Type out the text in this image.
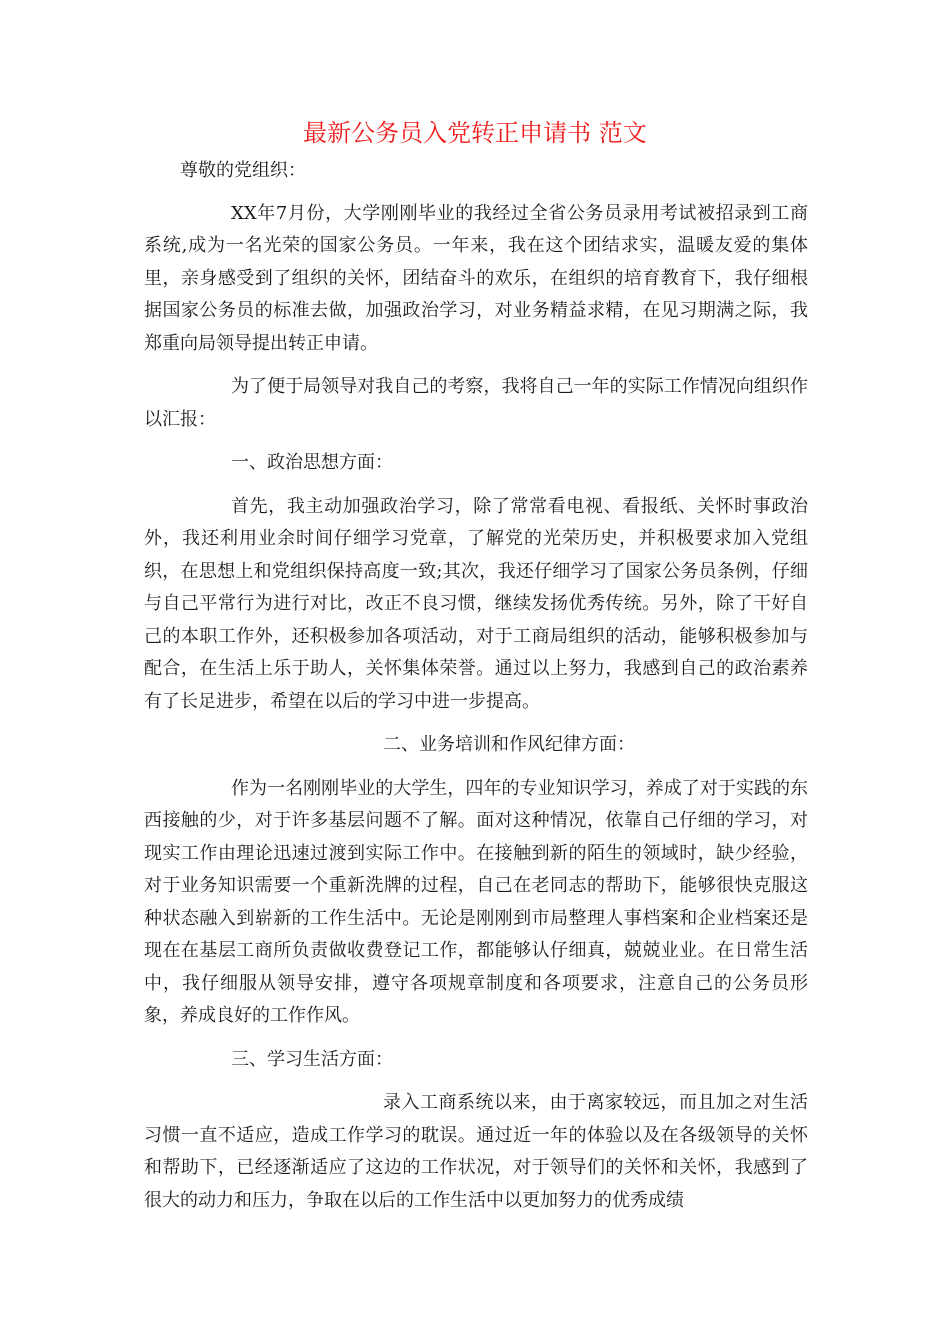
最新公务员入党转正申请书 范文

尊敬的党组织：

XX年7月份，大学刚刚毕业的我经过全省公务员录用考试被招录到工商系统,成为一名光荣的国家公务员。一年来，我在这个团结求实，温暖友爱的集体里，亲身感受到了组织的关怀，团结奋斗的欢乐，在组织的培育教育下，我仔细根据国家公务员的标准去做，加强政治学习，对业务精益求精，在见习期满之际，我郑重向局领导提出转正申请。

为了便于局领导对我自己的考察，我将自己一年的实际工作情况向组织作以汇报：

一、政治思想方面：

首先，我主动加强政治学习，除了常常看电视、看报纸、关怀时事政治外，我还利用业余时间仔细学习党章，了解党的光荣历史，并积极要求加入党组织，在思想上和党组织保持高度一致;其次，我还仔细学习了国家公务员条例，仔细与自己平常行为进行对比，改正不良习惯，继续发扬优秀传统。另外，除了干好自己的本职工作外，还积极参加各项活动，对于工商局组织的活动，能够积极参加与配合，在生活上乐于助人，关怀集体荣誉。通过以上努力，我感到自己的政治素养有了长足进步，希望在以后的学习中进一步提高。

二、业务培训和作风纪律方面：

作为一名刚刚毕业的大学生，四年的专业知识学习，养成了对于实践的东西接触的少，对于许多基层问题不了解。面对这种情况，依靠自己仔细的学习，对现实工作由理论迅速过渡到实际工作中。在接触到新的陌生的领域时，缺少经验，对于业务知识需要一个重新洗牌的过程，自己在老同志的帮助下，能够很快克服这种状态融入到崭新的工作生活中。无论是刚刚到市局整理人事档案和企业档案还是现在在基层工商所负责做收费登记工作，都能够认仔细真，兢兢业业。在日常生活中，我仔细服从领导安排，遵守各项规章制度和各项要求，注意自己的公务员形象，养成良好的工作作风。

三、学习生活方面：

录入工商系统以来，由于离家较远，而且加之对生活习惯一直不适应，造成工作学习的耽误。通过近一年的体验以及在各级领导的关怀和帮助下，已经逐渐适应了这边的工作状况，对于领导们的关怀和关怀，我感到了很大的动力和压力，争取在以后的工作生活中以更加努力的优秀成绩
